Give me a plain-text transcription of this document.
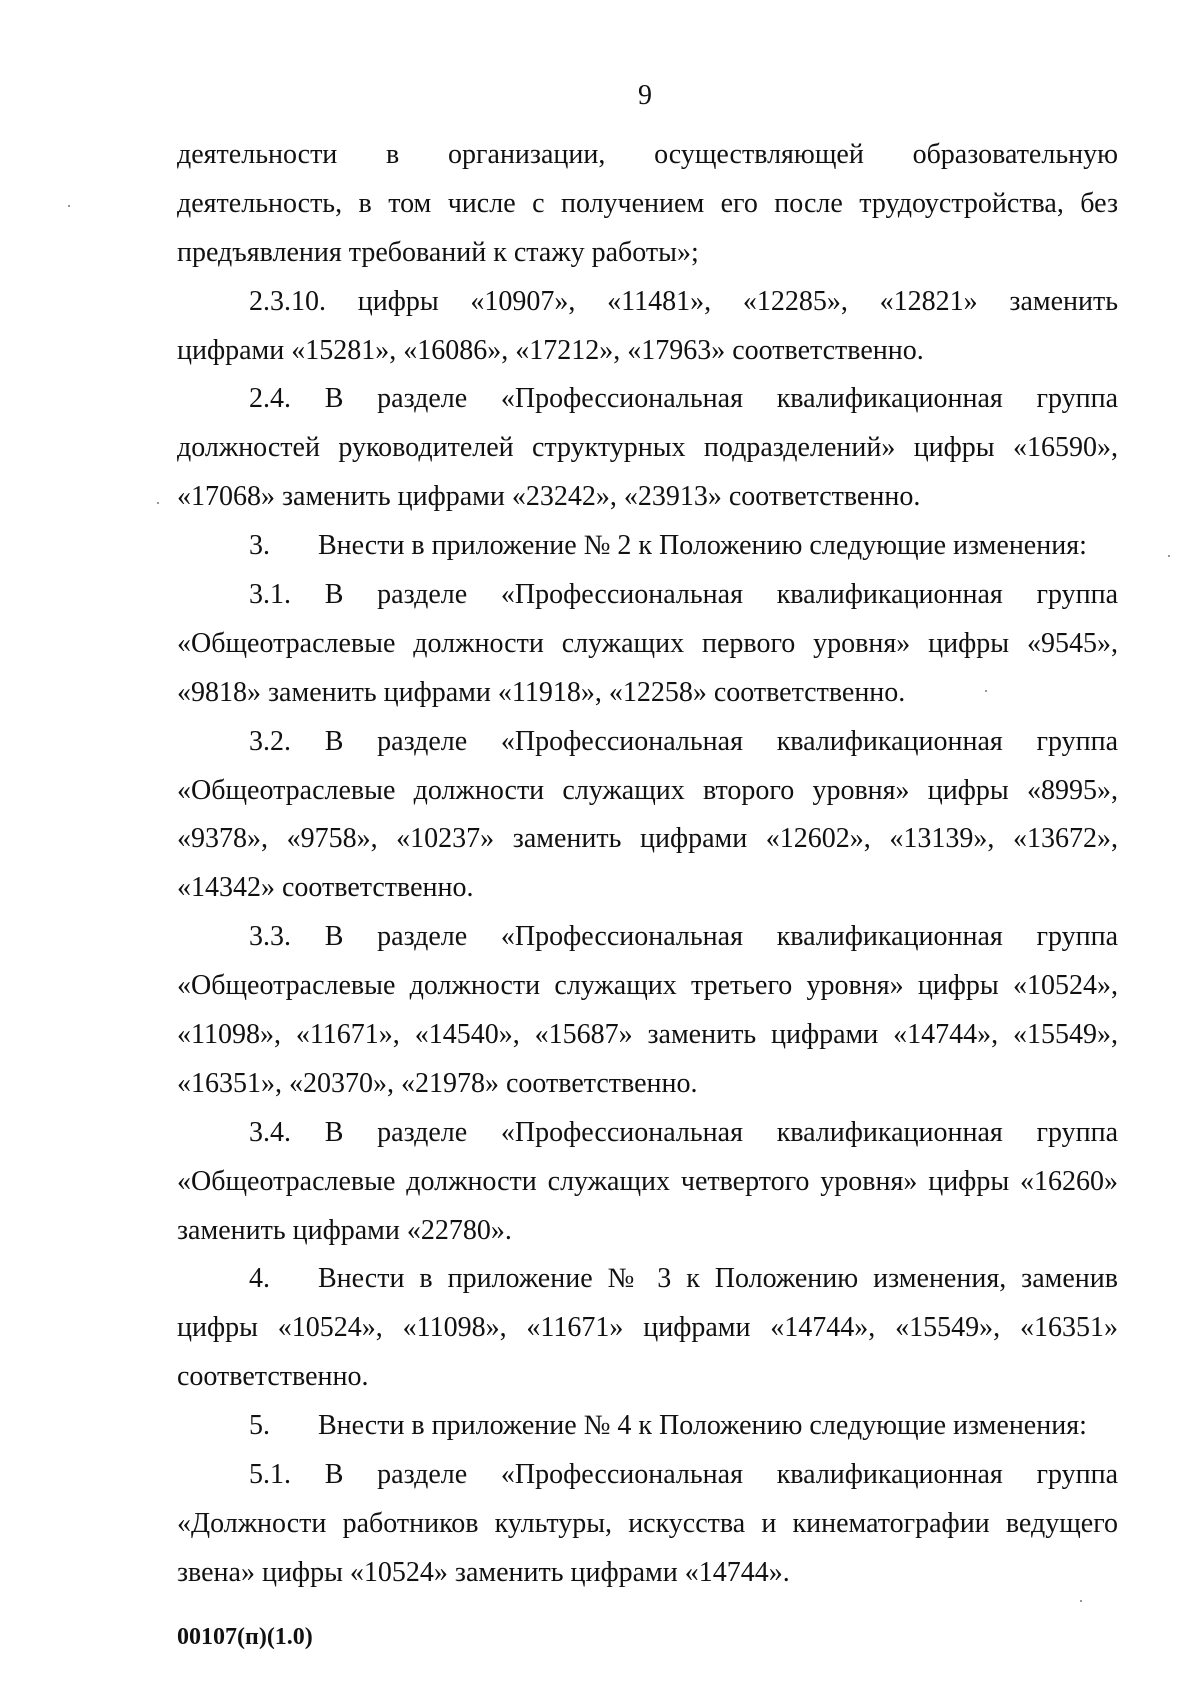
9
деятельности в организации, осуществляющей образовательную
деятельность, в том числе с получением его после трудоустройства, без
предъявления требований к стажу работы»;
2.3.10. цифры «10907», «11481», «12285», «12821» заменить
цифрами «15281», «16086», «17212», «17963» соответственно.
2.4. В разделе «Профессиональная квалификационная группа
должностей руководителей структурных подразделений» цифры «16590»,
«17068» заменить цифрами «23242», «23913» соответственно.
3. Внести в приложение № 2 к Положению следующие изменения:
3.1. В разделе «Профессиональная квалификационная группа
«Общеотраслевые должности служащих первого уровня» цифры «9545»,
«9818» заменить цифрами «11918», «12258» соответственно.
3.2. В разделе «Профессиональная квалификационная группа
«Общеотраслевые должности служащих второго уровня» цифры «8995»,
«9378», «9758», «10237» заменить цифрами «12602», «13139», «13672»,
«14342» соответственно.
3.3. В разделе «Профессиональная квалификационная группа
«Общеотраслевые должности служащих третьего уровня» цифры «10524»,
«11098», «11671», «14540», «15687» заменить цифрами «14744», «15549»,
«16351», «20370», «21978» соответственно.
3.4. В разделе «Профессиональная квалификационная группа
«Общеотраслевые должности служащих четвертого уровня» цифры «16260»
заменить цифрами «22780».
4. Внести в приложение № 3 к Положению изменения, заменив
цифры «10524», «11098», «11671» цифрами «14744», «15549», «16351»
соответственно.
5. Внести в приложение № 4 к Положению следующие изменения:
5.1. В разделе «Профессиональная квалификационная группа
«Должности работников культуры, искусства и кинематографии ведущего
звена» цифры «10524» заменить цифрами «14744».
00107(п)(1.0)
